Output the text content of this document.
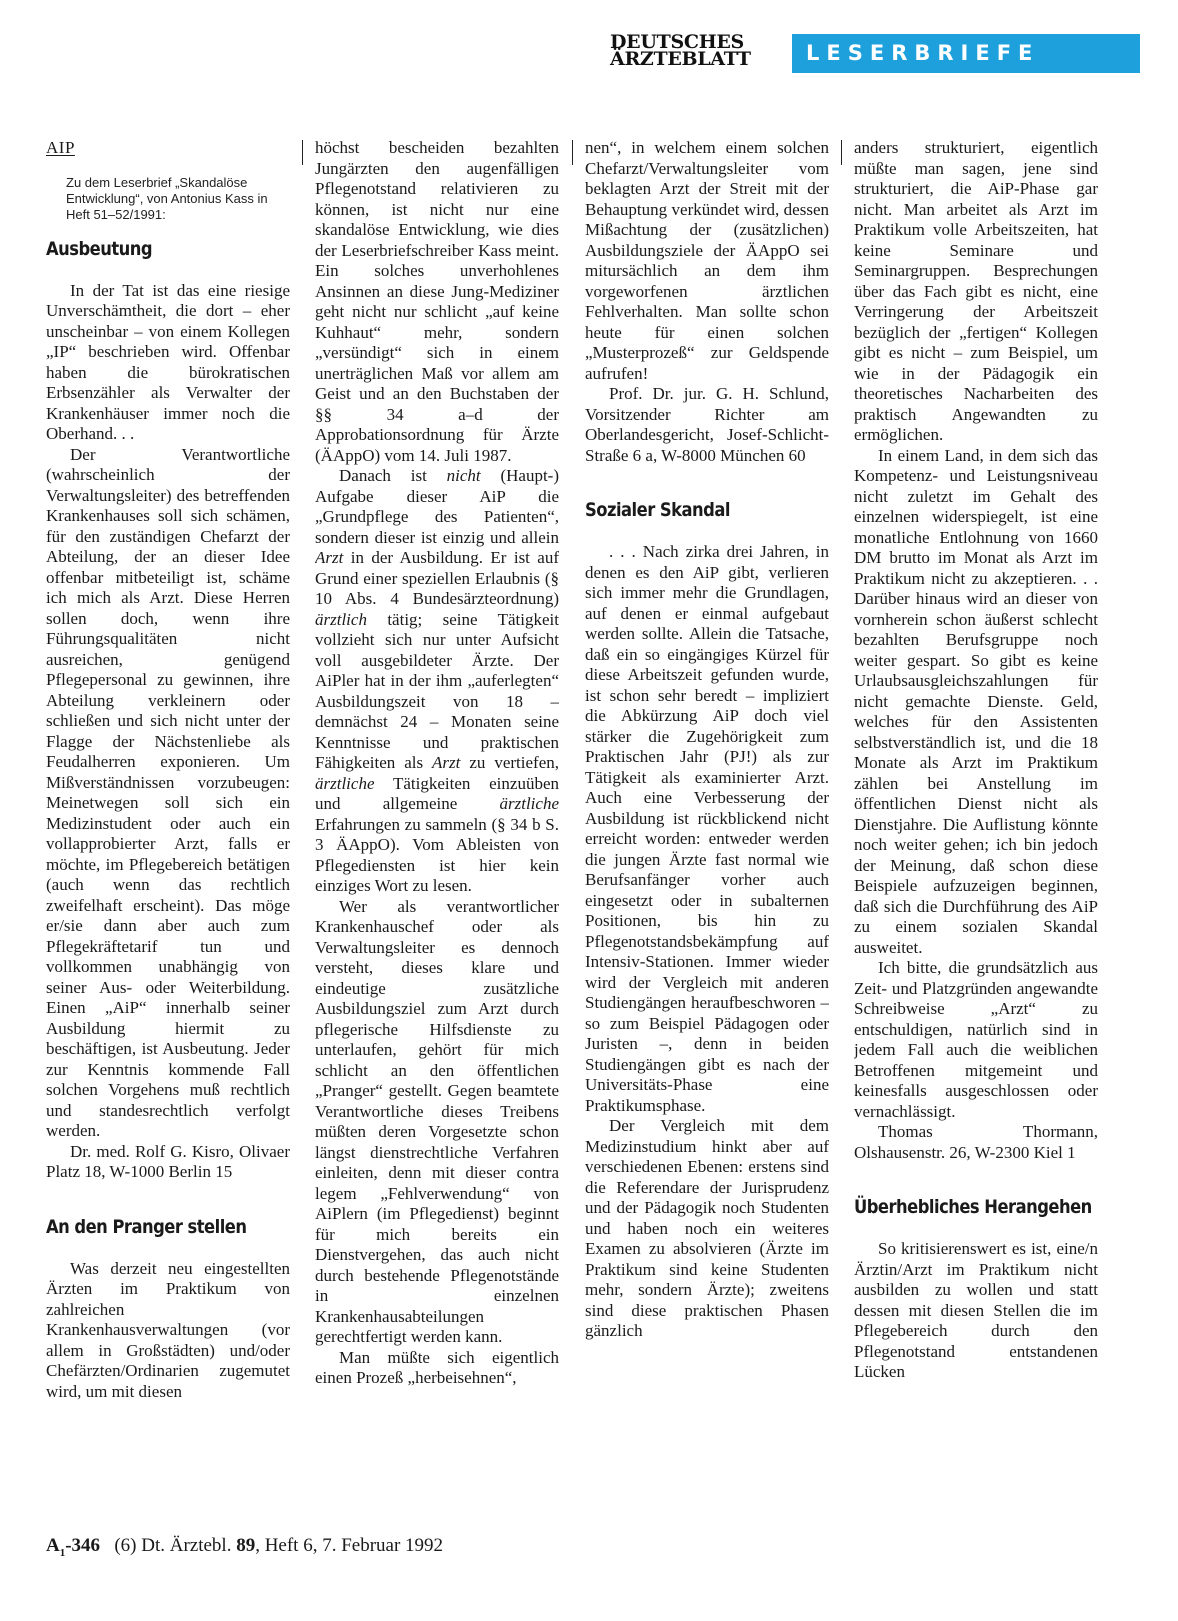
DEUTSCHES
ÄRZTEBLATT	LESERBRIEFE

AIP

Zu dem Leserbrief „Skandalöse Entwicklung“, von Antonius Kass in Heft 51–52/1991:

Ausbeutung

In der Tat ist das eine riesige Unverschämtheit, die dort – eher unscheinbar – von einem Kollegen „IP“ beschrieben wird. Offenbar haben die bürokratischen Erbsenzähler als Verwalter der Krankenhäuser immer noch die Oberhand. . .

Der Verantwortliche (wahrscheinlich der Verwaltungsleiter) des betreffenden Krankenhauses soll sich schämen, für den zuständigen Chefarzt der Abteilung, der an dieser Idee offenbar mitbeteiligt ist, schäme ich mich als Arzt. Diese Herren sollen doch, wenn ihre Führungsqualitäten nicht ausreichen, genügend Pflegepersonal zu gewinnen, ihre Abteilung verkleinern oder schließen und sich nicht unter der Flagge der Nächstenliebe als Feudalherren exponieren. Um Mißverständnissen vorzubeugen: Meinetwegen soll sich ein Medizinstudent oder auch ein vollapprobierter Arzt, falls er möchte, im Pflegebereich betätigen (auch wenn das rechtlich zweifelhaft erscheint). Das möge er/sie dann aber auch zum Pflegekräftetarif tun und vollkommen unabhängig von seiner Aus- oder Weiterbildung. Einen „AiP“ innerhalb seiner Ausbildung hiermit zu beschäftigen, ist Ausbeutung. Jeder zur Kenntnis kommende Fall solchen Vorgehens muß rechtlich und standesrechtlich verfolgt werden.

Dr. med. Rolf G. Kisro, Olivaer Platz 18, W-1000 Berlin 15

An den Pranger stellen

Was derzeit neu eingestellten Ärzten im Praktikum von zahlreichen Krankenhausverwaltungen (vor allem in Großstädten) und/oder Chefärzten/Ordinarien zugemutet wird, um mit diesen

höchst bescheiden bezahlten Jungärzten den augenfälligen Pflegenotstand relativieren zu können, ist nicht nur eine skandalöse Entwicklung, wie dies der Leserbriefschreiber Kass meint. Ein solches unverhohlenes Ansinnen an diese Jung-Mediziner geht nicht nur schlicht „auf keine Kuhhaut“ mehr, sondern „versündigt“ sich in einem unerträglichen Maß vor allem am Geist und an den Buchstaben der §§ 34 a–d der Approbationsordnung für Ärzte (ÄAppO) vom 14. Juli 1987.

Danach ist nicht (Haupt-) Aufgabe dieser AiP die „Grundpflege des Patienten“, sondern dieser ist einzig und allein Arzt in der Ausbildung. Er ist auf Grund einer speziellen Erlaubnis (§ 10 Abs. 4 Bundesärzteordnung) ärztlich tätig; seine Tätigkeit vollzieht sich nur unter Aufsicht voll ausgebildeter Ärzte. Der AiPler hat in der ihm „auferlegten“ Ausbildungszeit von 18 – demnächst 24 – Monaten seine Kenntnisse und praktischen Fähigkeiten als Arzt zu vertiefen, ärztliche Tätigkeiten einzuüben und allgemeine ärztliche Erfahrungen zu sammeln (§ 34 b S. 3 ÄAppO). Vom Ableisten von Pflegediensten ist hier kein einziges Wort zu lesen.

Wer als verantwortlicher Krankenhauschef oder als Verwaltungsleiter es dennoch versteht, dieses klare und eindeutige zusätzliche Ausbildungsziel zum Arzt durch pflegerische Hilfsdienste zu unterlaufen, gehört für mich schlicht an den öffentlichen „Pranger“ gestellt. Gegen beamtete Verantwortliche dieses Treibens müßten deren Vorgesetzte schon längst dienstrechtliche Verfahren einleiten, denn mit dieser contra legem „Fehlverwendung“ von AiPlern (im Pflegedienst) beginnt für mich bereits ein Dienstvergehen, das auch nicht durch bestehende Pflegenotstände in einzelnen Krankenhausabteilungen gerechtfertigt werden kann.

Man müßte sich eigentlich einen Prozeß „herbeisehnen“,

nen“, in welchem einem solchen Chefarzt/Verwaltungsleiter vom beklagten Arzt der Streit mit der Behauptung verkündet wird, dessen Mißachtung der (zusätzlichen) Ausbildungsziele der ÄAppO sei mitursächlich an dem ihm vorgeworfenen ärztlichen Fehlverhalten. Man sollte schon heute für einen solchen „Musterprozeß“ zur Geldspende aufrufen!

Prof. Dr. jur. G. H. Schlund, Vorsitzender Richter am Oberlandesgericht, Josef-Schlicht-Straße 6 a, W-8000 München 60

Sozialer Skandal

. . . Nach zirka drei Jahren, in denen es den AiP gibt, verlieren sich immer mehr die Grundlagen, auf denen er einmal aufgebaut werden sollte. Allein die Tatsache, daß ein so eingängiges Kürzel für diese Arbeitszeit gefunden wurde, ist schon sehr beredt – impliziert die Abkürzung AiP doch viel stärker die Zugehörigkeit zum Praktischen Jahr (PJ!) als zur Tätigkeit als examinierter Arzt. Auch eine Verbesserung der Ausbildung ist rückblickend nicht erreicht worden: entweder werden die jungen Ärzte fast normal wie Berufsanfänger vorher auch eingesetzt oder in subalternen Positionen, bis hin zu Pflegenotstandsbekämpfung auf Intensiv-Stationen. Immer wieder wird der Vergleich mit anderen Studiengängen heraufbeschworen – so zum Beispiel Pädagogen oder Juristen –, denn in beiden Studiengängen gibt es nach der Universitäts-Phase eine Praktikumsphase.

Der Vergleich mit dem Medizinstudium hinkt aber auf verschiedenen Ebenen: erstens sind die Referendare der Jurisprudenz und der Pädagogik noch Studenten und haben noch ein weiteres Examen zu absolvieren (Ärzte im Praktikum sind keine Studenten mehr, sondern Ärzte); zweitens sind diese praktischen Phasen gänzlich

anders strukturiert, eigentlich müßte man sagen, jene sind strukturiert, die AiP-Phase gar nicht. Man arbeitet als Arzt im Praktikum volle Arbeitszeiten, hat keine Seminare und Seminargruppen. Besprechungen über das Fach gibt es nicht, eine Verringerung der Arbeitszeit bezüglich der „fertigen“ Kollegen gibt es nicht – zum Beispiel, um wie in der Pädagogik ein theoretisches Nacharbeiten des praktisch Angewandten zu ermöglichen.

In einem Land, in dem sich das Kompetenz- und Leistungsniveau nicht zuletzt im Gehalt des einzelnen widerspiegelt, ist eine monatliche Entlohnung von 1660 DM brutto im Monat als Arzt im Praktikum nicht zu akzeptieren. . . Darüber hinaus wird an dieser von vornherein schon äußerst schlecht bezahlten Berufsgruppe noch weiter gespart. So gibt es keine Urlaubsausgleichszahlungen für nicht gemachte Dienste. Geld, welches für den Assistenten selbstverständlich ist, und die 18 Monate als Arzt im Praktikum zählen bei Anstellung im öffentlichen Dienst nicht als Dienstjahre. Die Auflistung könnte noch weiter gehen; ich bin jedoch der Meinung, daß schon diese Beispiele aufzuzeigen beginnen, daß sich die Durchführung des AiP zu einem sozialen Skandal ausweitet.

Ich bitte, die grundsätzlich aus Zeit- und Platzgründen angewandte Schreibweise „Arzt“ zu entschuldigen, natürlich sind in jedem Fall auch die weiblichen Betroffenen mitgemeint und keinesfalls ausgeschlossen oder vernachlässigt.

Thomas Thormann, Olshausenstr. 26, W-2300 Kiel 1

Überhebliches Herangehen

So kritisierenswert es ist, eine/n Ärztin/Arzt im Praktikum nicht ausbilden zu wollen und statt dessen mit diesen Stellen die im Pflegebereich durch den Pflegenotstand entstandenen Lücken

$A_1-346$ (6) Dt. Ärztebl. 89, Heft 6, 7. Februar 1992
